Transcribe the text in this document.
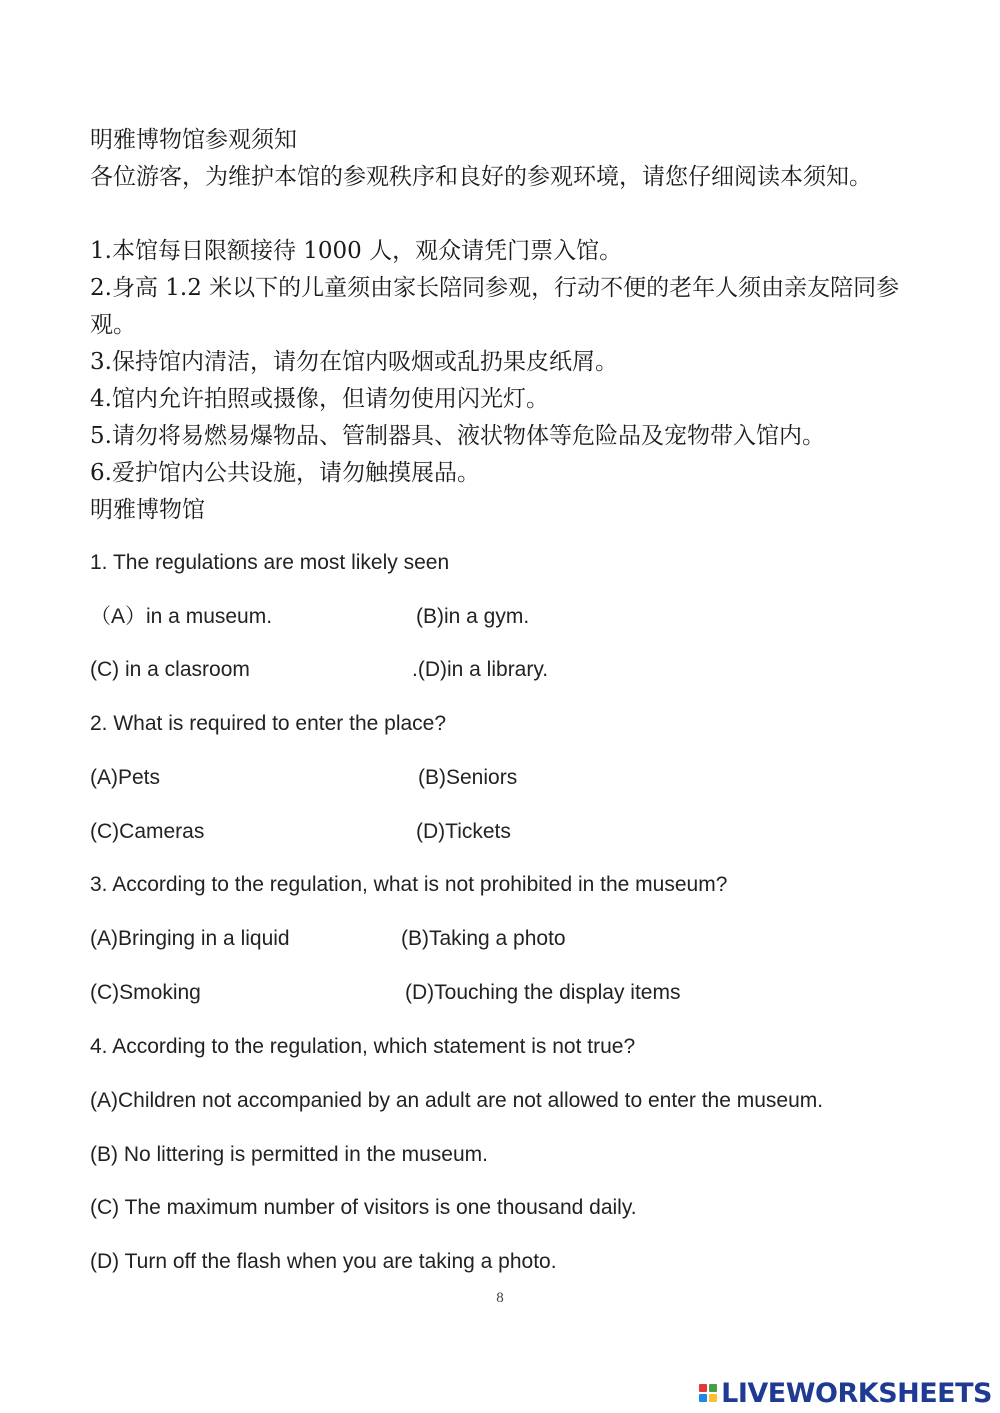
明雅博物馆参观须知
各位游客，为维护本馆的参观秩序和良好的参观环境，请您仔细阅读本须知。
1.本馆每日限额接待 1000 人，观众请凭门票入馆。
2.身高 1.2 米以下的儿童须由家长陪同参观，行动不便的老年人须由亲友陪同参观。
3.保持馆内清洁，请勿在馆内吸烟或乱扔果皮纸屑。
4.馆内允许拍照或摄像，但请勿使用闪光灯。
5.请勿将易燃易爆物品、管制器具、液状物体等危险品及宠物带入馆内。
6.爱护馆内公共设施，请勿触摸展品。
明雅博物馆
1. The regulations are most likely seen
（A）in a museum.	(B)in a gym.
(C) in a clasroom	.(D)in a library.
2. What is required to enter the place?
(A)Pets	(B)Seniors
(C)Cameras	(D)Tickets
3. According to the regulation, what is not prohibited in the museum?
(A)Bringing in a liquid	(B)Taking a photo
(C)Smoking	(D)Touching the display items
4. According to the regulation, which statement is not true?
(A)Children not accompanied by an adult are not allowed to enter the museum.
(B) No littering is permitted in the museum.
(C) The maximum number of visitors is one thousand daily.
(D) Turn off the flash when you are taking a photo.
8
LIVEWORKSHEETS
